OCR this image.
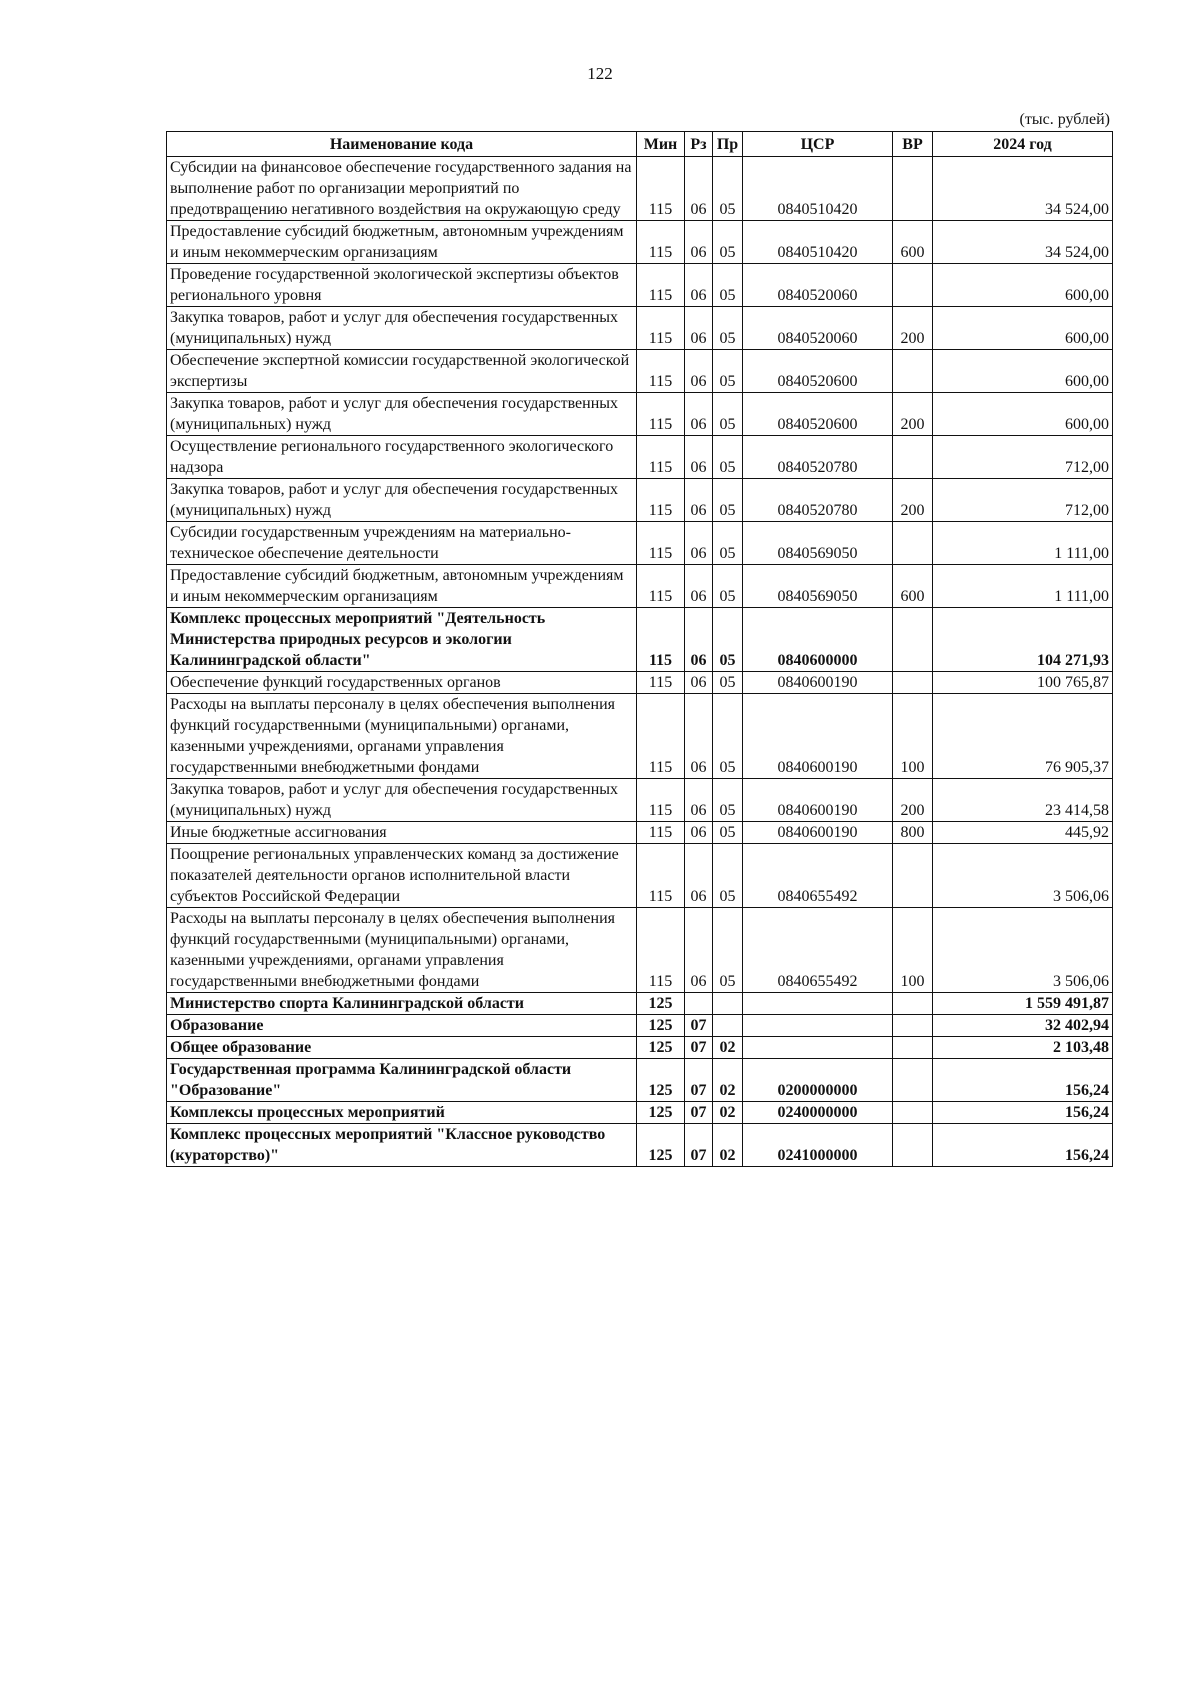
122
(тыс. рублей)
Наименование кода	Мин	Рз	Пр	ЦСР	ВР	2024 год
Субсидии на финансовое обеспечение государственного задания на выполнение работ по организации мероприятий по предотвращению негативного воздействия на окружающую среду	115	06	05	0840510420		34 524,00
Предоставление субсидий бюджетным, автономным учреждениям и иным некоммерческим организациям	115	06	05	0840510420	600	34 524,00
Проведение государственной экологической экспертизы объектов регионального уровня	115	06	05	0840520060		600,00
Закупка товаров, работ и услуг для обеспечения государственных (муниципальных) нужд	115	06	05	0840520060	200	600,00
Обеспечение экспертной комиссии государственной экологической экспертизы	115	06	05	0840520600		600,00
Закупка товаров, работ и услуг для обеспечения государственных (муниципальных) нужд	115	06	05	0840520600	200	600,00
Осуществление регионального государственного экологического надзора	115	06	05	0840520780		712,00
Закупка товаров, работ и услуг для обеспечения государственных (муниципальных) нужд	115	06	05	0840520780	200	712,00
Субсидии государственным учреждениям на материально-техническое обеспечение деятельности	115	06	05	0840569050		1 111,00
Предоставление субсидий бюджетным, автономным учреждениям и иным некоммерческим организациям	115	06	05	0840569050	600	1 111,00
Комплекс процессных мероприятий "Деятельность Министерства природных ресурсов и экологии Калининградской области"	115	06	05	0840600000		104 271,93
Обеспечение функций государственных органов	115	06	05	0840600190		100 765,87
Расходы на выплаты персоналу в целях обеспечения выполнения функций государственными (муниципальными) органами, казенными учреждениями, органами управления государственными внебюджетными фондами	115	06	05	0840600190	100	76 905,37
Закупка товаров, работ и услуг для обеспечения государственных (муниципальных) нужд	115	06	05	0840600190	200	23 414,58
Иные бюджетные ассигнования	115	06	05	0840600190	800	445,92
Поощрение региональных управленческих команд за достижение показателей деятельности органов исполнительной власти субъектов Российской Федерации	115	06	05	0840655492		3 506,06
Расходы на выплаты персоналу в целях обеспечения выполнения функций государственными (муниципальными) органами, казенными учреждениями, органами управления государственными внебюджетными фондами	115	06	05	0840655492	100	3 506,06
Министерство спорта Калининградской области	125					1 559 491,87
Образование	125	07				32 402,94
Общее образование	125	07	02			2 103,48
Государственная программа Калининградской области "Образование"	125	07	02	0200000000		156,24
Комплексы процессных мероприятий	125	07	02	0240000000		156,24
Комплекс процессных мероприятий "Классное руководство (кураторство)"	125	07	02	0241000000		156,24
